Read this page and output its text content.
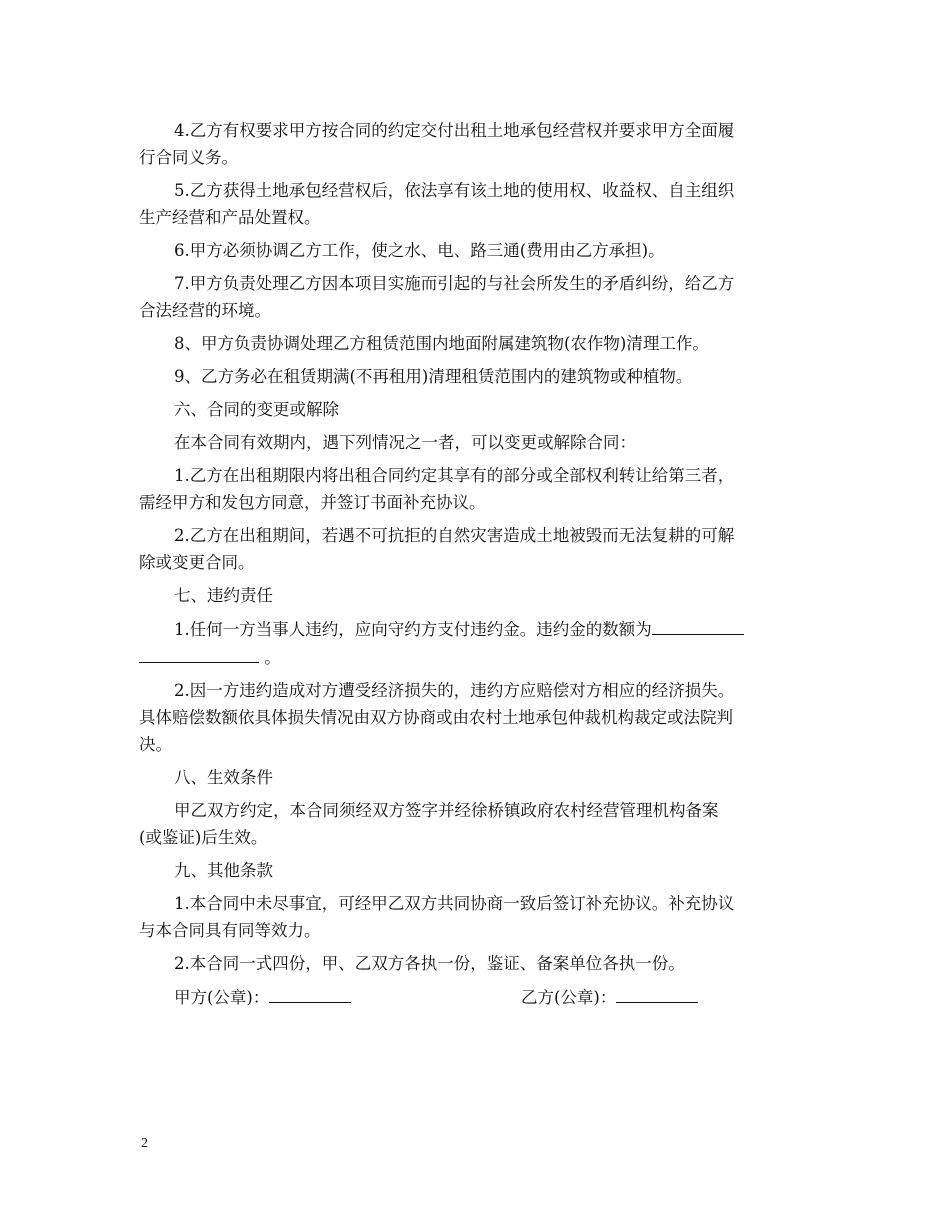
4.乙方有权要求甲方按合同的约定交付出租土地承包经营权并要求甲方全面履
行合同义务。
5.乙方获得土地承包经营权后，依法享有该土地的使用权、收益权、自主组织
生产经营和产品处置权。
6.甲方必须协调乙方工作，使之水、电、路三通(费用由乙方承担)。
7.甲方负责处理乙方因本项目实施而引起的与社会所发生的矛盾纠纷，给乙方
合法经营的环境。
8、甲方负责协调处理乙方租赁范围内地面附属建筑物(农作物)清理工作。
9、乙方务必在租赁期满(不再租用)清理租赁范围内的建筑物或种植物。
六、合同的变更或解除
在本合同有效期内，遇下列情况之一者，可以变更或解除合同：
1.乙方在出租期限内将出租合同约定其享有的部分或全部权利转让给第三者，
需经甲方和发包方同意，并签订书面补充协议。
2.乙方在出租期间，若遇不可抗拒的自然灾害造成土地被毁而无法复耕的可解
除或变更合同。
七、违约责任
1.任何一方当事人违约，应向守约方支付违约金。违约金的数额为
。
2.因一方违约造成对方遭受经济损失的，违约方应赔偿对方相应的经济损失。
具体赔偿数额依具体损失情况由双方协商或由农村土地承包仲裁机构裁定或法院判
决。
八、生效条件
甲乙双方约定，本合同须经双方签字并经徐桥镇政府农村经营管理机构备案
(或鉴证)后生效。
九、其他条款
1.本合同中未尽事宜，可经甲乙双方共同协商一致后签订补充协议。补充协议
与本合同具有同等效力。
2.本合同一式四份，甲、乙双方各执一份，鉴证、备案单位各执一份。
甲方(公章)：	乙方(公章)：
2
